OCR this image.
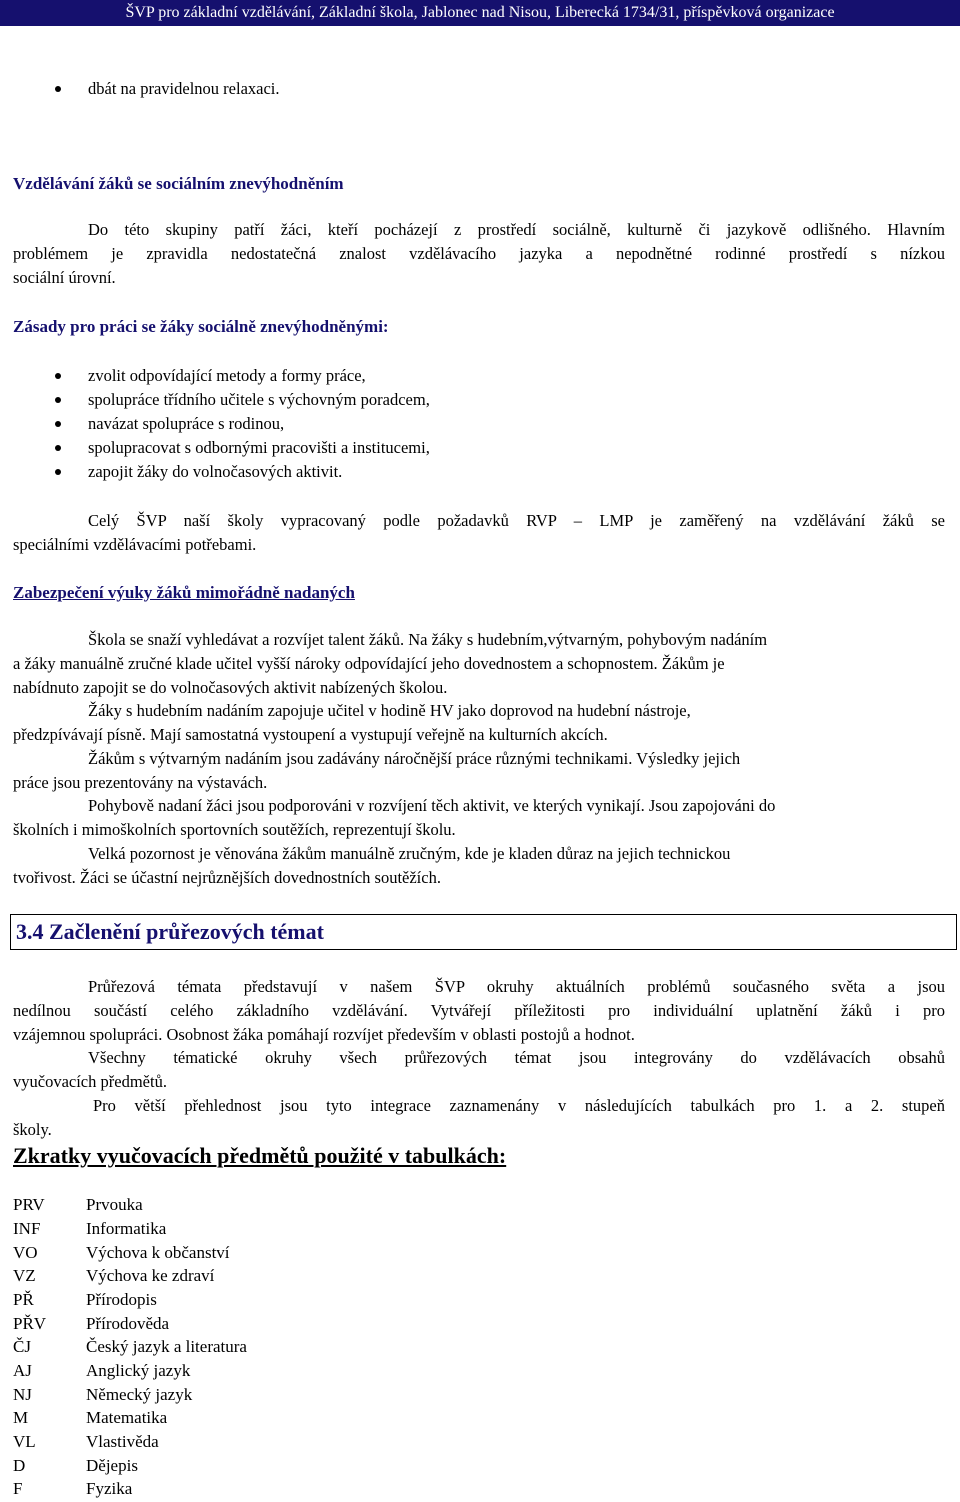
ŠVP pro základní vzdělávání, Základní škola, Jablonec nad Nisou, Liberecká 1734/31, příspěvková organizace
dbát na pravidelnou relaxaci.
Vzdělávání žáků se sociálním znevýhodněním
Do této skupiny patří žáci, kteří pocházejí z prostředí sociálně, kulturně či jazykově odlišného. Hlavním
problémem je zpravidla nedostatečná znalost vzdělávacího jazyka a nepodnětné rodinné prostředí s nízkou
sociální úrovní.
Zásady pro práci se žáky sociálně znevýhodněnými:
zvolit odpovídající metody a formy práce,
spolupráce třídního učitele s výchovným poradcem,
navázat spolupráce s rodinou,
spolupracovat s odbornými pracovišti a institucemi,
zapojit žáky do volnočasových aktivit.
Celý ŠVP naší školy vypracovaný podle požadavků RVP – LMP je zaměřený na vzdělávání žáků se
speciálními vzdělávacími potřebami.
Zabezpečení výuky žáků mimořádně nadaných
Škola se snaží vyhledávat a rozvíjet talent žáků. Na žáky s hudebním,výtvarným, pohybovým nadáním
a žáky manuálně zručné klade učitel vyšší nároky odpovídající jeho dovednostem a schopnostem. Žákům je
nabídnuto zapojit se do volnočasových aktivit nabízených školou.
Žáky s hudebním nadáním zapojuje učitel v hodině HV jako doprovod na hudební nástroje,
předzpívávají písně. Mají samostatná vystoupení a vystupují veřejně na kulturních akcích.
Žákům s výtvarným nadáním jsou zadávány náročnější práce různými technikami. Výsledky jejich
práce jsou prezentovány na výstavách.
Pohybově nadaní žáci jsou podporováni v rozvíjení těch aktivit, ve kterých vynikají. Jsou zapojováni do
školních i mimoškolních sportovních soutěžích, reprezentují školu.
Velká pozornost je věnována žákům manuálně zručným, kde je kladen důraz na jejich technickou
tvořivost. Žáci se účastní nejrůznějších dovednostních soutěžích.
3.4 Začlenění průřezových témat
Průřezová témata představují v našem ŠVP okruhy aktuálních problémů současného světa a jsou
nedílnou součástí celého základního vzdělávání. Vytvářejí příležitosti pro individuální uplatnění žáků i pro
vzájemnou spolupráci. Osobnost žáka pomáhají rozvíjet především v oblasti postojů a hodnot.
Všechny tématické okruhy všech průřezových témat jsou integrovány do vzdělávacích obsahů
vyučovacích předmětů.
Pro větší přehlednost jsou tyto integrace zaznamenány v následujících tabulkách pro 1. a 2. stupeň
školy.
Zkratky vyučovacích předmětů použité v tabulkách:
PRV Prvouka
INF	Informatika
VO	Výchova k občanství
VZ	Výchova ke zdraví
PŘ	Přírodopis
PŘV Přírodověda
ČJ	Český jazyk a literatura
AJ	Anglický jazyk
NJ	Německý jazyk
M	Matematika
VL	Vlastivěda
D	Dějepis
F	Fyzika
